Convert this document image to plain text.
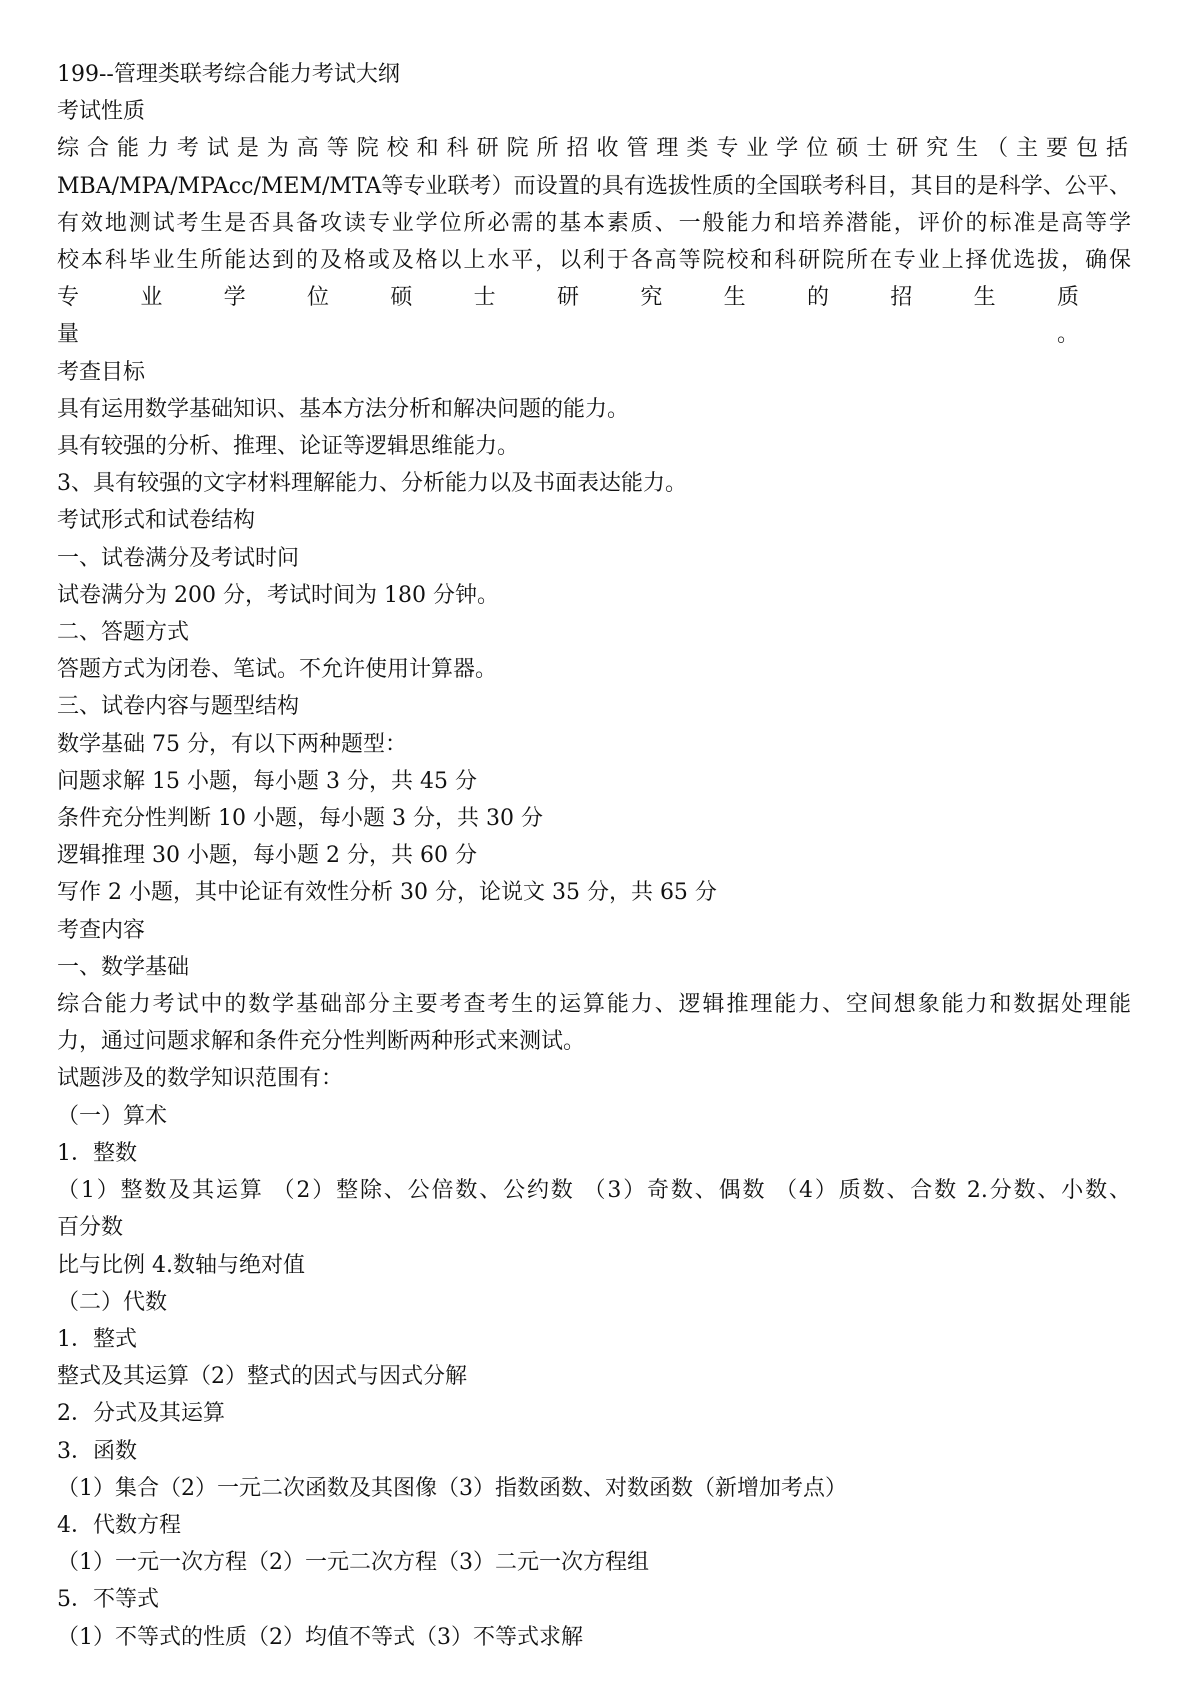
199--管理类联考综合能力考试大纲
考试性质
综合能力考试是为高等院校和科研院所招收管理类专业学位硕士研究生（主要包括
MBA/MPA/MPAcc/MEM/MTA等专业联考）而设置的具有选拔性质的全国联考科目，其目的是科学、公平、
有效地测试考生是否具备攻读专业学位所必需的基本素质、一般能力和培养潜能，评价的标准是高等学
校本科毕业生所能达到的及格或及格以上水平，以利于各高等院校和科研院所在专业上择优选拔，确保
专业学位硕士研究生的招生质量。
考查目标
具有运用数学基础知识、基本方法分析和解决问题的能力。
具有较强的分析、推理、论证等逻辑思维能力。
3、具有较强的文字材料理解能力、分析能力以及书面表达能力。
考试形式和试卷结构
一、试卷满分及考试时问
试卷满分为 200 分，考试时间为 180 分钟。
二、答题方式
答题方式为闭卷、笔试。不允许使用计算器。
三、试卷内容与题型结构
数学基础 75 分，有以下两种题型：
问题求解 15 小题，每小题 3 分，共 45 分
条件充分性判断 10 小题，每小题 3 分，共 30 分
逻辑推理 30 小题，每小题 2 分，共 60 分
写作 2 小题，其中论证有效性分析 30 分，论说文 35 分，共 65 分
考查内容
一、数学基础
综合能力考试中的数学基础部分主要考查考生的运算能力、逻辑推理能力、空间想象能力和数据处理能
力，通过问题求解和条件充分性判断两种形式来测试。
试题涉及的数学知识范围有：
（一）算术
1．整数
（1）整数及其运算 （2）整除、公倍数、公约数 （3）奇数、偶数 （4）质数、合数 2.分数、小数、
百分数
比与比例 4.数轴与绝对值
（二）代数
1．整式
整式及其运算（2）整式的因式与因式分解
2．分式及其运算
3．函数
（1）集合（2）一元二次函数及其图像（3）指数函数、对数函数（新增加考点）
4．代数方程
（1）一元一次方程（2）一元二次方程（3）二元一次方程组
5．不等式
（1）不等式的性质（2）均值不等式（3）不等式求解
